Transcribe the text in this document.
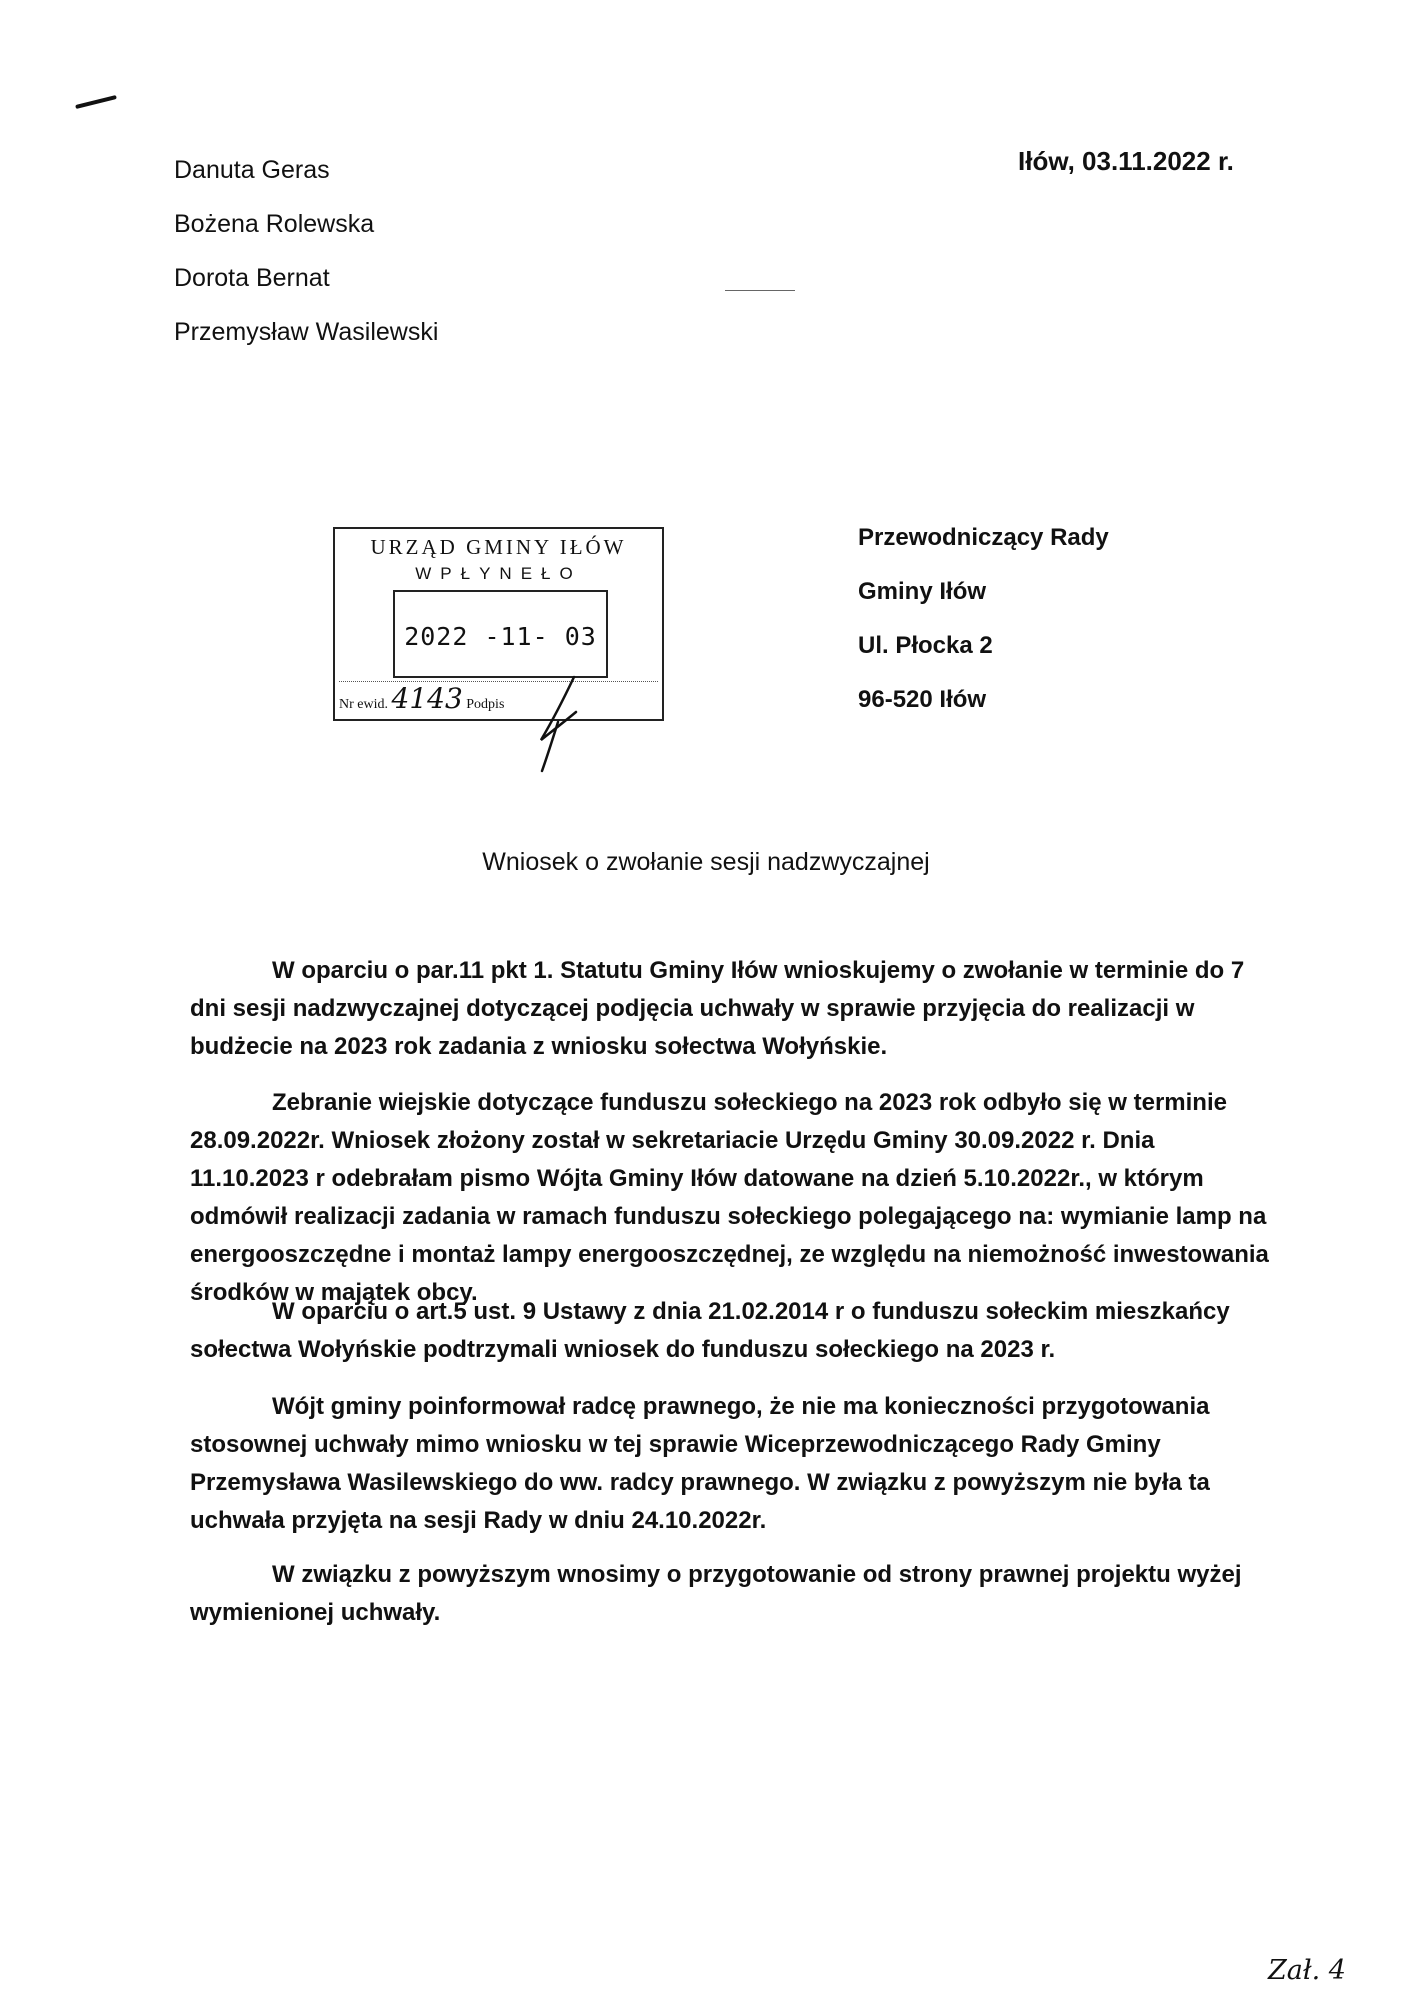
Danuta Geras
Bożena Rolewska
Dorota Bernat
Przemysław Wasilewski
Iłów, 03.11.2022 r.
URZĄD GMINY IŁÓW
WPŁYNEŁO
2022 -11- 03
Nr ewid. 4143 Podpis
Przewodniczący Rady
Gminy Iłów
Ul. Płocka 2
96-520 Iłów
Wniosek o zwołanie sesji nadzwyczajnej

W oparciu o par.11 pkt 1. Statutu Gminy Iłów wnioskujemy o zwołanie w terminie do 7 dni sesji nadzwyczajnej dotyczącej podjęcia uchwały w sprawie przyjęcia do realizacji w budżecie na 2023 rok zadania z wniosku sołectwa Wołyńskie.

Zebranie wiejskie dotyczące funduszu sołeckiego na 2023 rok odbyło się w terminie 28.09.2022r. Wniosek złożony został w sekretariacie Urzędu Gminy 30.09.2022 r. Dnia 11.10.2023 r odebrałam pismo Wójta Gminy Iłów datowane na dzień 5.10.2022r., w którym odmówił realizacji zadania w ramach funduszu sołeckiego polegającego na: wymianie lamp na energooszczędne i montaż lampy energooszczędnej, ze względu na niemożność inwestowania środków w majątek obcy.

W oparciu o art.5 ust. 9 Ustawy z dnia 21.02.2014 r o funduszu sołeckim mieszkańcy sołectwa Wołyńskie podtrzymali wniosek do funduszu sołeckiego na 2023 r.

Wójt gminy poinformował radcę prawnego, że nie ma konieczności przygotowania stosownej uchwały mimo wniosku w tej sprawie Wiceprzewodniczącego Rady Gminy Przemysława Wasilewskiego do ww. radcy prawnego. W związku z powyższym nie była ta uchwała przyjęta na sesji Rady w dniu 24.10.2022r.

W związku z powyższym wnosimy o przygotowanie od strony prawnej projektu wyżej wymienionej uchwały.

Zał. 4
